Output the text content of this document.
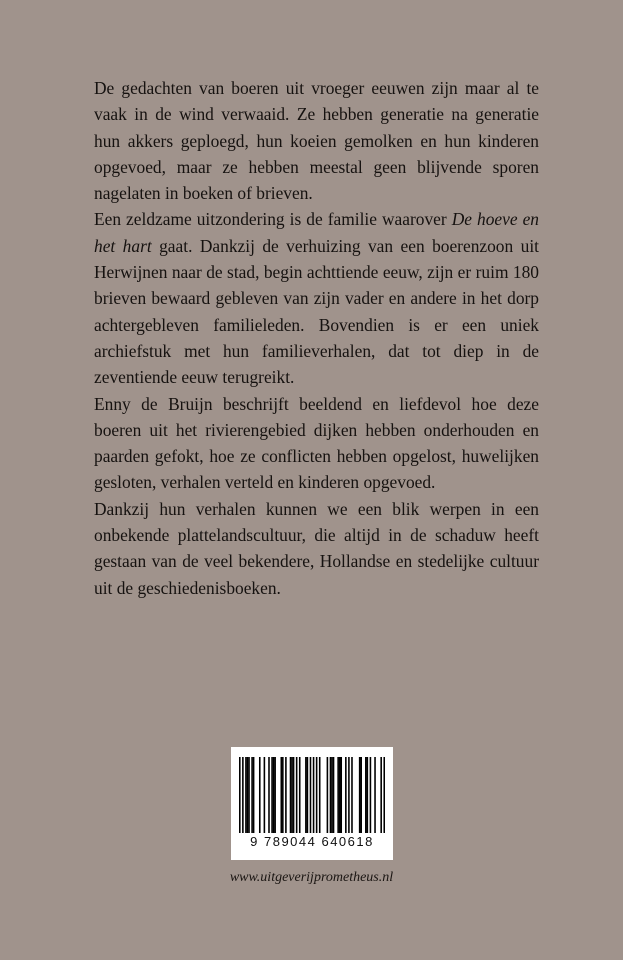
De gedachten van boeren uit vroeger eeuwen zijn maar al te vaak in de wind verwaaid. Ze hebben generatie na generatie hun akkers geploegd, hun koeien gemolken en hun kinderen opgevoed, maar ze hebben meestal geen blijvende sporen nagelaten in boeken of brieven.

Een zeldzame uitzondering is de familie waarover De hoeve en het hart gaat. Dankzij de verhuizing van een boerenzoon uit Herwijnen naar de stad, begin achttiende eeuw, zijn er ruim 180 brieven bewaard gebleven van zijn vader en andere in het dorp achtergebleven familieleden. Bovendien is er een uniek archiefstuk met hun familieverhalen, dat tot diep in de zeventiende eeuw terugreikt.

Enny de Bruijn beschrijft beeldend en liefdevol hoe deze boeren uit het rivierengebied dijken hebben onderhouden en paarden gefokt, hoe ze conflicten hebben opgelost, huwelijken gesloten, verhalen verteld en kinderen opgevoed.

Dankzij hun verhalen kunnen we een blik werpen in een onbekende plattelandscultuur, die altijd in de schaduw heeft gestaan van de veel bekendere, Hollandse en stedelijke cultuur uit de geschiedenisboeken.

9 789044 640618
www.uitgeverijprometheus.nl
